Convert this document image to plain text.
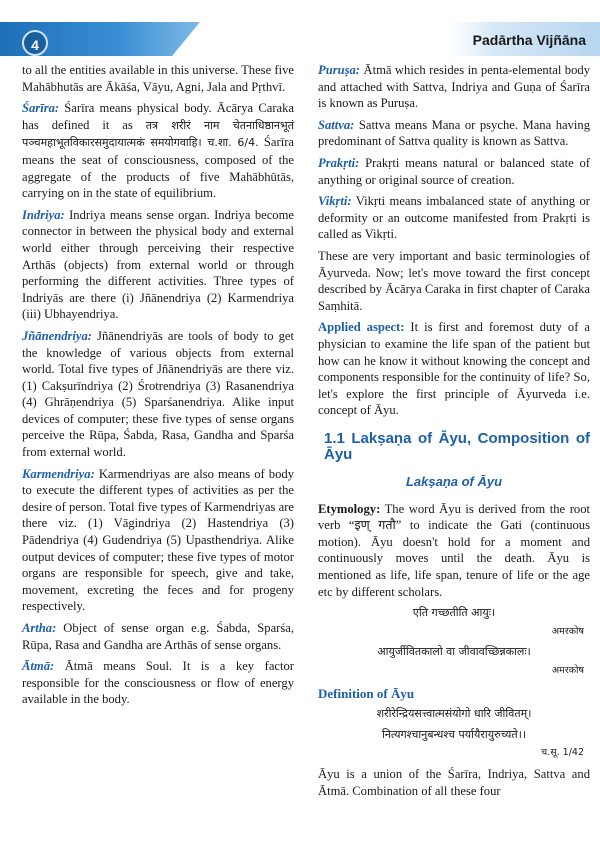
4	Padārtha Vijñāna

to all the entities available in this universe. These five Mahābhutās are Ākāśa, Vāyu, Agni, Jala and Pṛthvī.

Śarīra: Śarīra means physical body. Ācārya Caraka has defined it as तत्र शरीरं नाम चेतनाधिष्ठानभूतं पञ्चमहाभूतविकारसमुदायात्मकं समयोगवाहि। च.शा. 6/4. Śarīra means the seat of consciousness, composed of the aggregate of the products of five Mahābhūtās, carrying on in the state of equilibrium.

Indriya: Indriya means sense organ. Indriya become connector in between the physical body and external world either through perceiving their respective Arthās (objects) from external world or through performing the different activities. Three types of Indriyās are there (i) Jñānendriya (2) Karmendriya (iii) Ubhayendriya.

Jñānendriya: Jñānendriyās are tools of body to get the knowledge of various objects from external world. Total five types of Jñānendriyās are there viz. (1) Cakṣurīndriya (2) Śrotrendriya (3) Rasanendriya (4) Ghrāṇendriya (5) Sparśanendriya. Alike input devices of computer; these five types of sense organs perceive the Rūpa, Śabda, Rasa, Gandha and Sparśa from external world.

Karmendriya: Karmendriyas are also means of body to execute the different types of activities as per the desire of person. Total five types of Karmendriyas are there viz. (1) Vāgindriya (2) Hastendriya (3) Pādendriya (4) Gudendriya (5) Upasthendriya. Alike output devices of computer; these five types of motor organs are responsible for speech, give and take, movement, excreting the feces and for progeny respectively.

Artha: Object of sense organ e.g. Śabda, Sparśa, Rūpa, Rasa and Gandha are Arthās of sense organs.

Ātmā: Ātmā means Soul. It is a key factor responsible for the consciousness or flow of energy available in the body.

Puruṣa: Ātmā which resides in penta-elemental body and attached with Sattva, Indriya and Guṇa of Śarīra is known as Puruṣa.

Sattva: Sattva means Mana or psyche. Mana having predominant of Sattva quality is known as Sattva.

Prakṛti: Prakṛti means natural or balanced state of anything or original source of creation.

Vikṛti: Vikṛti means imbalanced state of anything or deformity or an outcome manifested from Prakṛti is called as Vikṛti.

These are very important and basic terminologies of Āyurveda. Now; let's move toward the first concept described by Ācārya Caraka in first chapter of Caraka Saṃhitā.

Applied aspect: It is first and foremost duty of a physician to examine the life span of the patient but how can he know it without knowing the concept and components responsible for the continuity of life? So, let's explore the first principle of Āyurveda i.e. concept of Āyu.

1.1 Lakṣaṇa of Āyu, Composition of Āyu
Lakṣaṇa of Āyu

Etymology: The word Āyu is derived from the root verb “इण् गतौ” to indicate the Gati (continuous motion). Āyu doesn't hold for a moment and continuously moves until the death. Āyu is mentioned as life, life span, tenure of life or the age etc by different scholars.

एति गच्छतीति आयुः।
अमरकोष
आयुर्जीवितकालो वा जीवावच्छिन्नकालः।
अमरकोष
Definition of Āyu
शरीरेन्द्रियसत्त्वात्मसंयोगो धारि जीवितम्।
नित्यगश्चानुबन्धश्च पर्यायैरायुरुच्यते।।
च.सू. 1/42

Āyu is a union of the Śarīra, Indriya, Sattva and Ātmā. Combination of all these four
